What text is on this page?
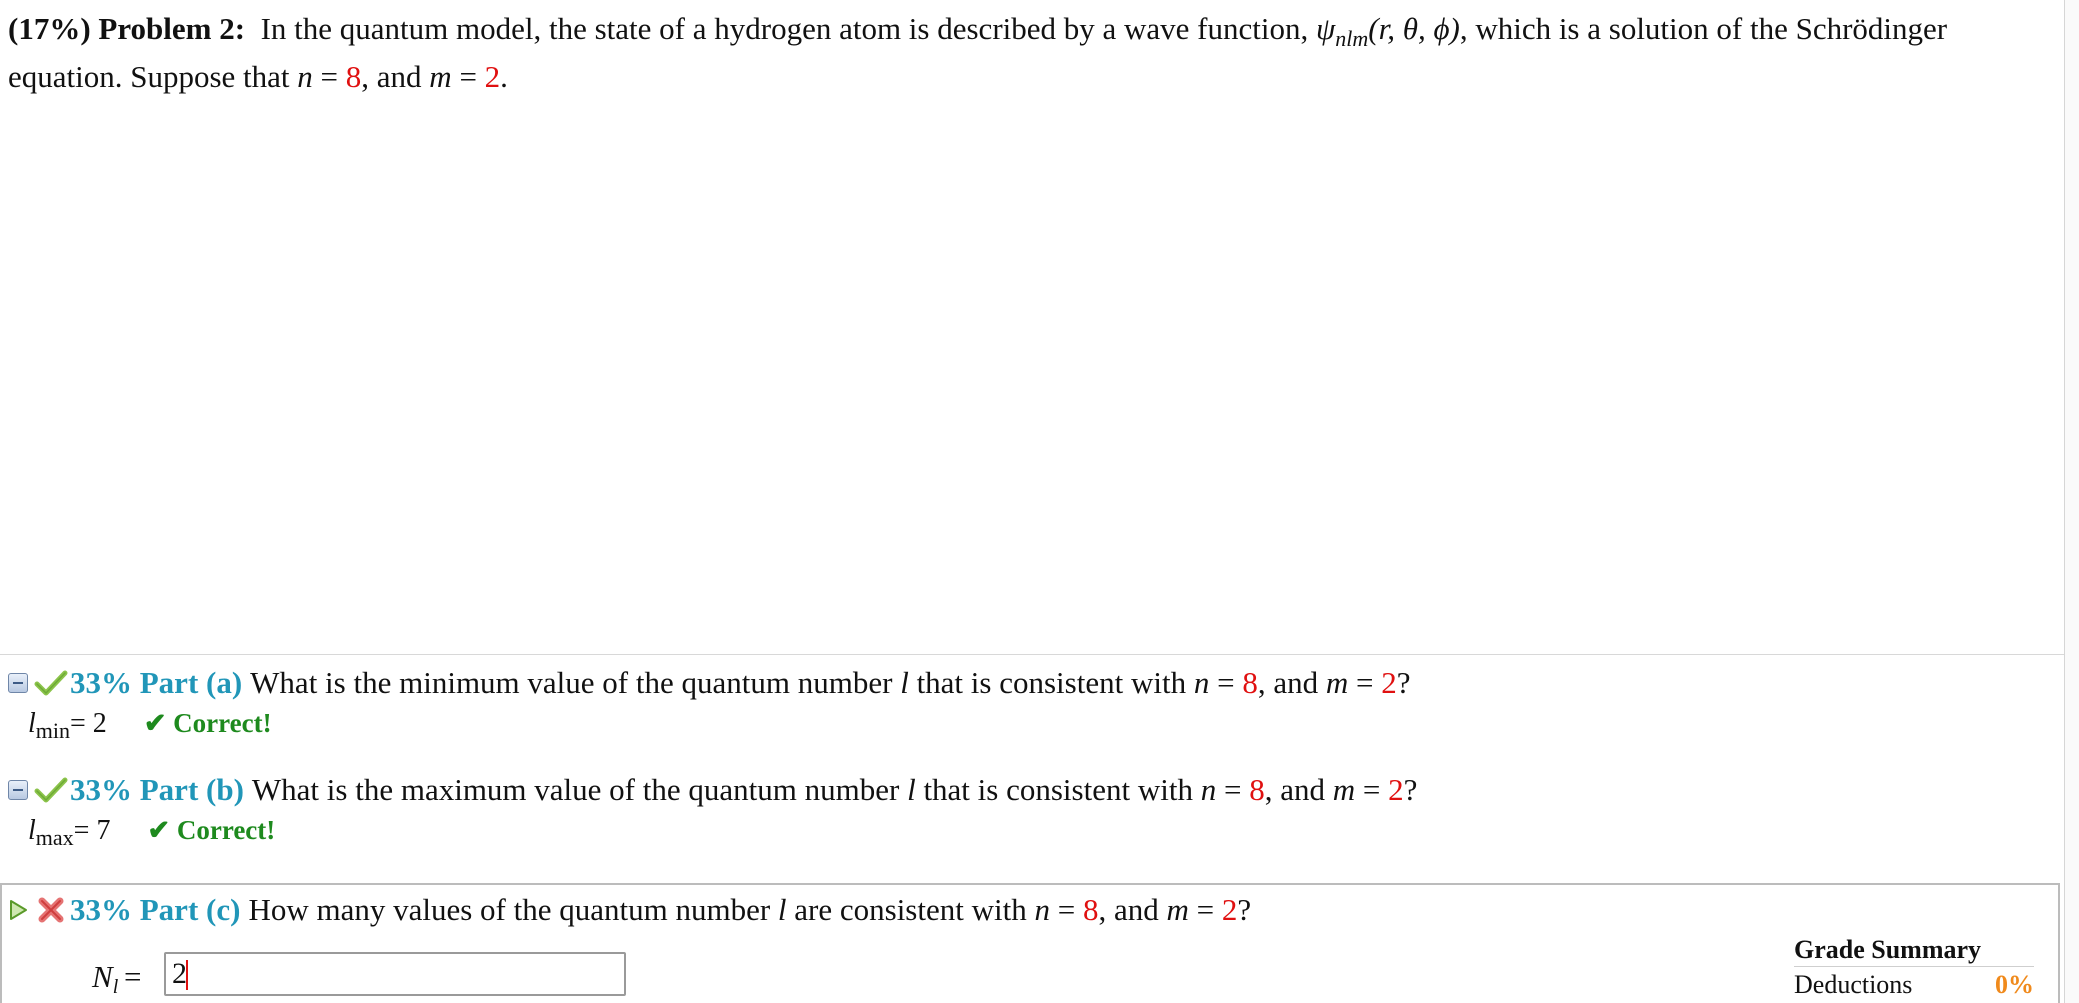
(17%) Problem 2: In the quantum model, the state of a hydrogen atom is described by a wave function, $\psi_{nlm}(r$, θ, ϕ), which is a solution of the Schrödinger equation. Suppose that n = 8, and m = 2.
33%
Part (a) What is the minimum value of the quantum number l that is consistent with n = 8, and m = 2?
$l_{min}= 2$ ✔ Correct!
33%
Part (b) What is the maximum value of the quantum number l that is consistent with n = 8, and m = 2?
$l_{max}= 7$ ✔ Correct!
33%
Part (c) How many values of the quantum number l are consistent with n = 8, and m = 2?
$N_l$ =
2
Grade Summary
Deductions	0%
